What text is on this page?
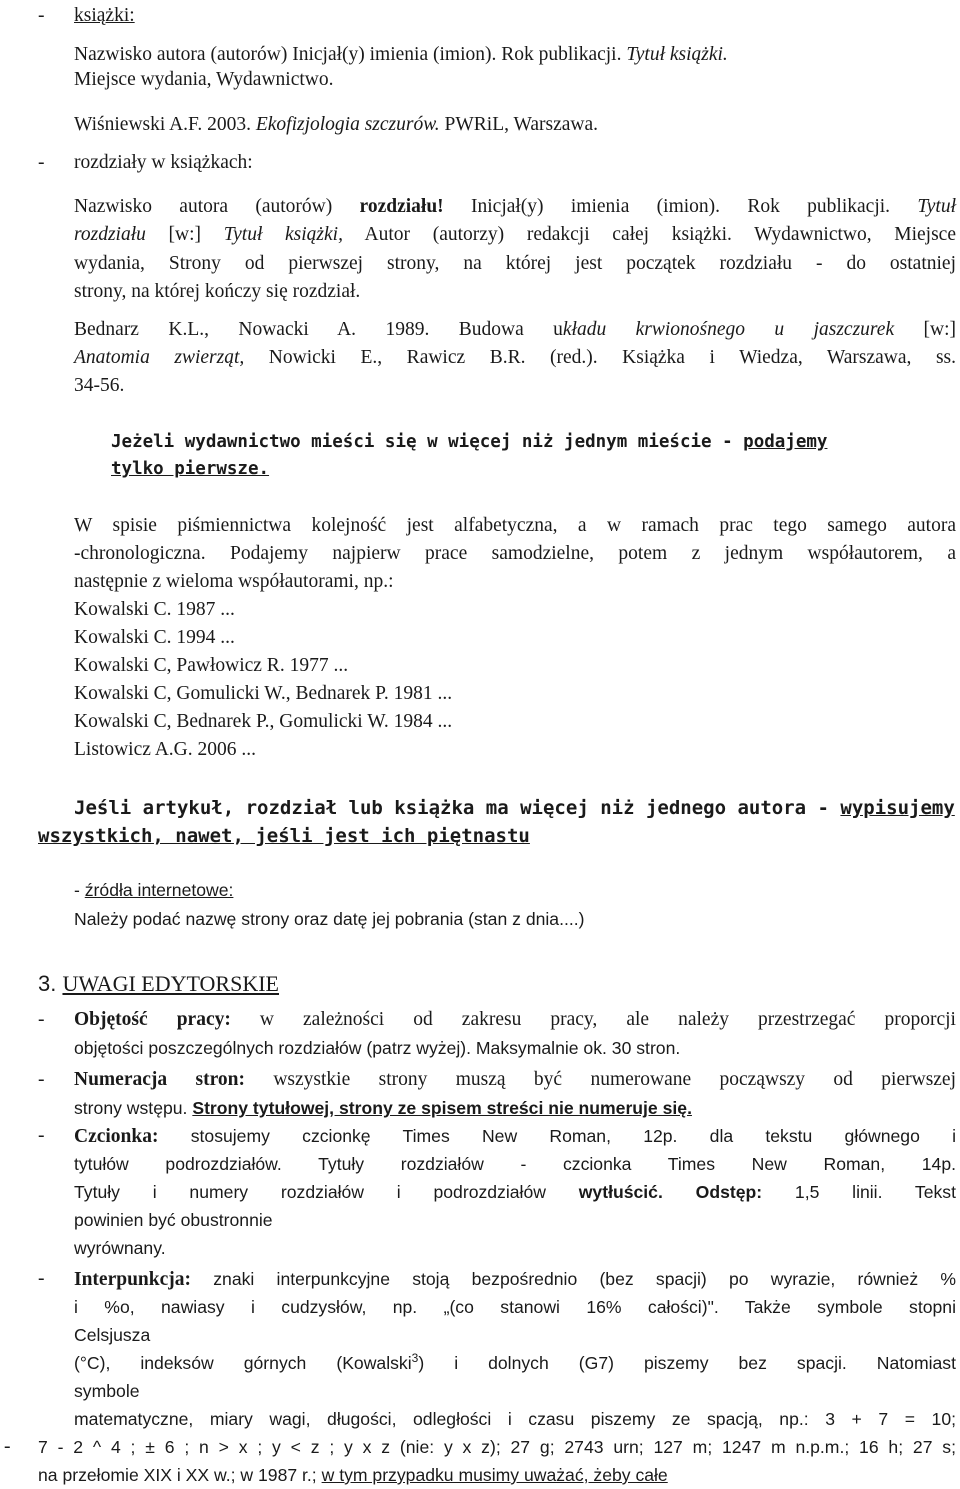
- książki:
Nazwisko autora (autorów) Inicjał(y) imienia (imion). Rok publikacji. Tytuł książki.
Miejsce wydania, Wydawnictwo.
Wiśniewski A.F. 2003. Ekofizjologia szczurów. PWRiL, Warszawa.
- rozdziały w książkach:
Nazwisko autora (autorów) rozdziału! Inicjał(y) imienia (imion). Rok publikacji. Tytuł
rozdziału [w:] Tytuł książki, Autor (autorzy) redakcji całej książki. Wydawnictwo, Miejsce
wydania, Strony od pierwszej strony, na której jest początek rozdziału - do ostatniej
strony, na której kończy się rozdział.
Bednarz K.L., Nowacki A. 1989. Budowa układu krwionośnego u jaszczurek [w:]
Anatomia zwierząt, Nowicki E., Rawicz B.R. (red.). Książka i Wiedza, Warszawa, ss.
34-56.
Jeżeli wydawnictwo mieści się w więcej niż jednym mieście - podajemy
tylko pierwsze.
W spisie piśmiennictwa kolejność jest alfabetyczna, a w ramach prac tego samego autora
-chronologiczna. Podajemy najpierw prace samodzielne, potem z jednym współautorem, a
następnie z wieloma współautorami, np.:
Kowalski C. 1987 ...
Kowalski C. 1994 ...
Kowalski C, Pawłowicz R. 1977 ...
Kowalski C, Gomulicki W., Bednarek P. 1981 ...
Kowalski C, Bednarek P., Gomulicki W. 1984 ...
Listowicz A.G. 2006 ...
Jeśli artykuł, rozdział lub książka ma więcej niż jednego autora - wypisujemy
wszystkich, nawet, jeśli jest ich piętnastu
- źródła internetowe:
Należy podać nazwę strony oraz datę jej pobrania (stan z dnia....)
3. UWAGI EDYTORSKIE
- Objętość pracy: w zależności od zakresu pracy, ale należy przestrzegać proporcji
objętości poszczególnych rozdziałów (patrz wyżej). Maksymalnie ok. 30 stron.
- Numeracja stron: wszystkie strony muszą być numerowane począwszy od pierwszej
strony wstępu. Strony tytułowej, strony ze spisem streści nie numeruje się.
- Czcionka: stosujemy czcionkę Times New Roman, 12p. dla tekstu głównego i
tytułów podrozdziałów. Tytuły rozdziałów - czcionka Times New Roman, 14p.
Tytuły i numery rozdziałów i podrozdziałów wytłuścić. Odstęp: 1,5 linii. Tekst
powinien być obustronnie
wyrównany.
- Interpunkcja: znaki interpunkcyjne stoją bezpośrednio (bez spacji) po wyrazie, również %
i %o, nawiasy i cudzysłów, np. „(co stanowi 16% całości)". Także symbole stopni
Celsjusza
(°C), indeksów górnych (Kowalski$^3$) i dolnych (G7) piszemy bez spacji. Natomiast
symbole
matematyczne, miary wagi, długości, odległości i czasu piszemy ze spacją, np.: 3 + 7 = 10;
- 7 - 2 ^ 4 ; ± 6 ; n > x ; y < z ; y x z (nie: y x z); 27 g; 2743 urn; 127 m; 1247 m n.p.m.; 16 h; 27 s;
na przełomie XIX i XX w.; w 1987 r.; w tym przypadku musimy uważać, żeby całe
